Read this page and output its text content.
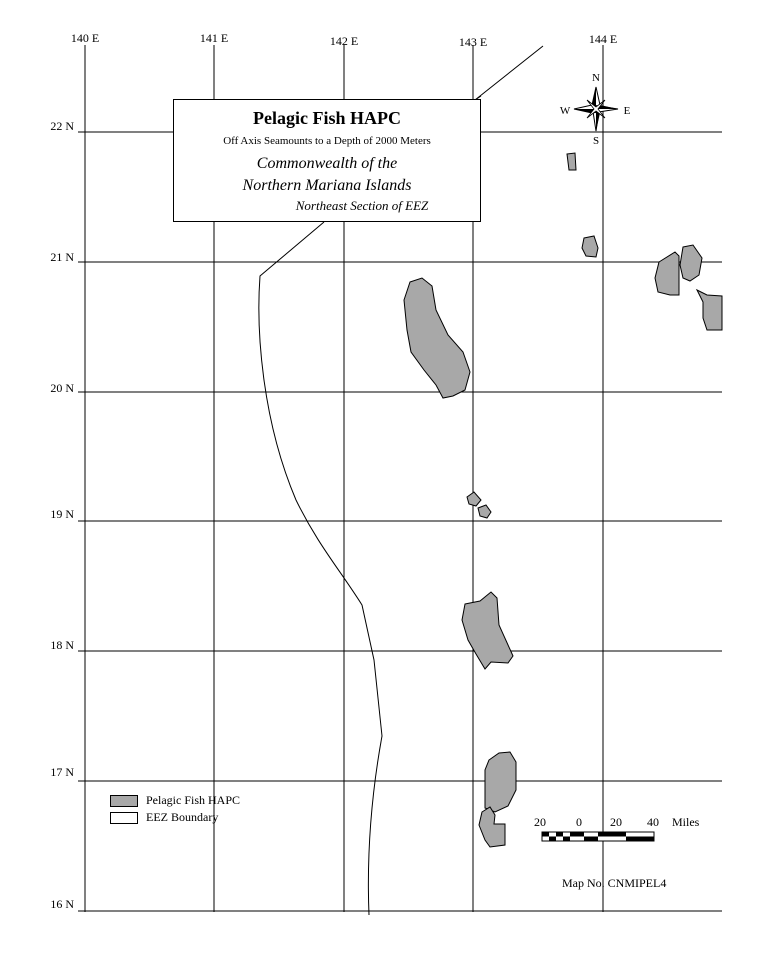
140 E	141 E	142 E	143 E	144 E
22 N
21 N
20 N
19 N
18 N
17 N
16 N
N
S
E
W
Pelagic Fish HAPC
Off Axis Seamounts to a Depth of 2000 Meters
Commonwealth of the
Northern Mariana Islands
Northeast Section of EEZ
Pelagic Fish HAPC
EEZ Boundary	20	0 20 40 Miles
Map No. CNMIPEL4
